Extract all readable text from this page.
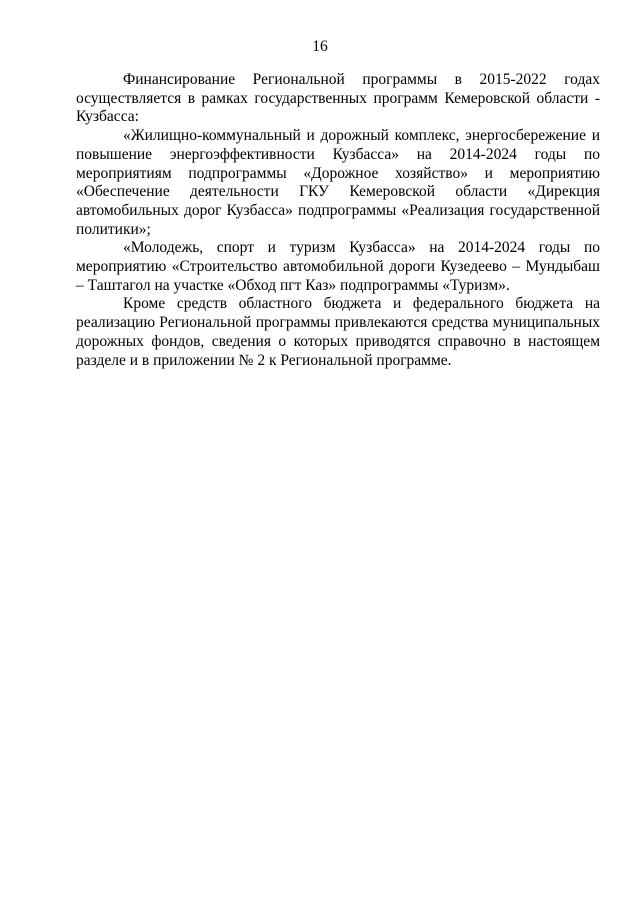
16

Финансирование Региональной программы в 2015-2022 годах осуществляется в рамках государственных программ Кемеровской области - Кузбасса:

«Жилищно-коммунальный и дорожный комплекс, энергосбережение и повышение энергоэффективности Кузбасса» на 2014-2024 годы по мероприятиям подпрограммы «Дорожное хозяйство» и мероприятию «Обеспечение деятельности ГКУ Кемеровской области «Дирекция автомобильных дорог Кузбасса» подпрограммы «Реализация государственной политики»;

«Молодежь, спорт и туризм Кузбасса» на 2014-2024 годы по мероприятию «Строительство автомобильной дороги Кузедеево – Мундыбаш – Таштагол на участке «Обход пгт Каз» подпрограммы «Туризм».

Кроме средств областного бюджета и федерального бюджета на реализацию Региональной программы привлекаются средства муниципальных дорожных фондов, сведения о которых приводятся справочно в настоящем разделе и в приложении № 2 к Региональной программе.
